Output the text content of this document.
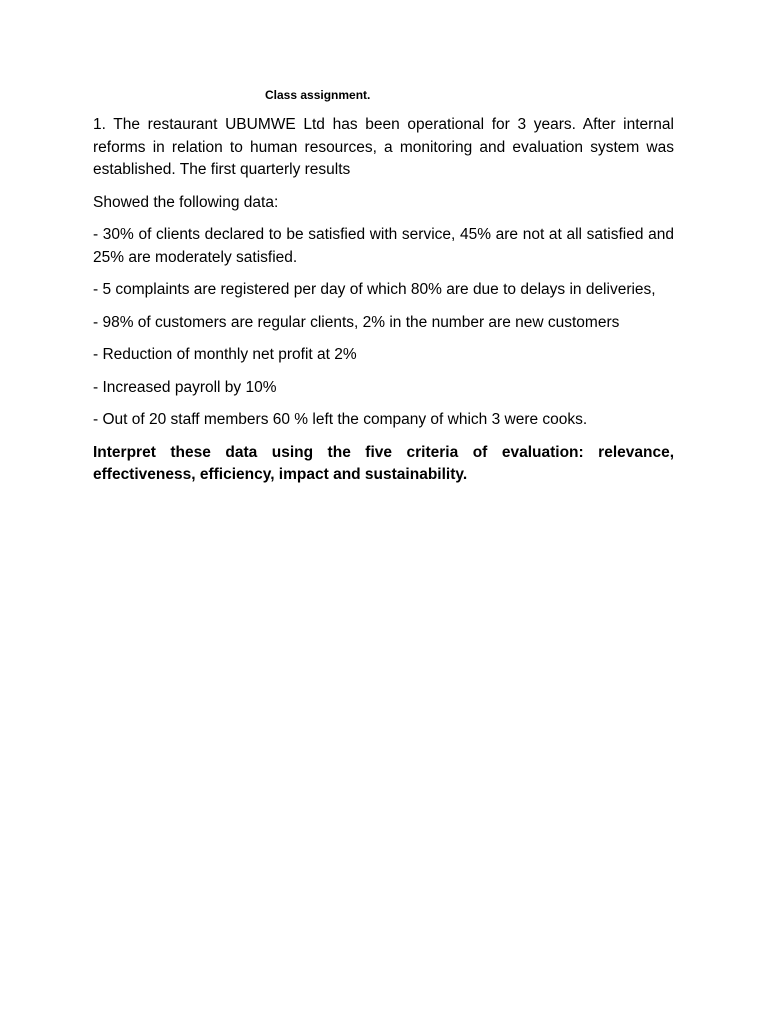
Class assignment.

1. The restaurant UBUMWE Ltd has been operational for 3 years. After internal reforms in relation to human resources, a monitoring and evaluation system was established. The first quarterly results

Showed the following data:

- 30% of clients declared to be satisfied with service, 45% are not at all satisfied and 25% are moderately satisfied.

- 5 complaints are registered per day of which 80% are due to delays in deliveries,

- 98% of customers are regular clients, 2% in the number are new customers

- Reduction of monthly net profit at 2%

- Increased payroll by 10%

- Out of 20 staff members 60 % left the company of which 3 were cooks.

Interpret these data using the five criteria of evaluation: relevance, effectiveness, efficiency, impact and sustainability.
